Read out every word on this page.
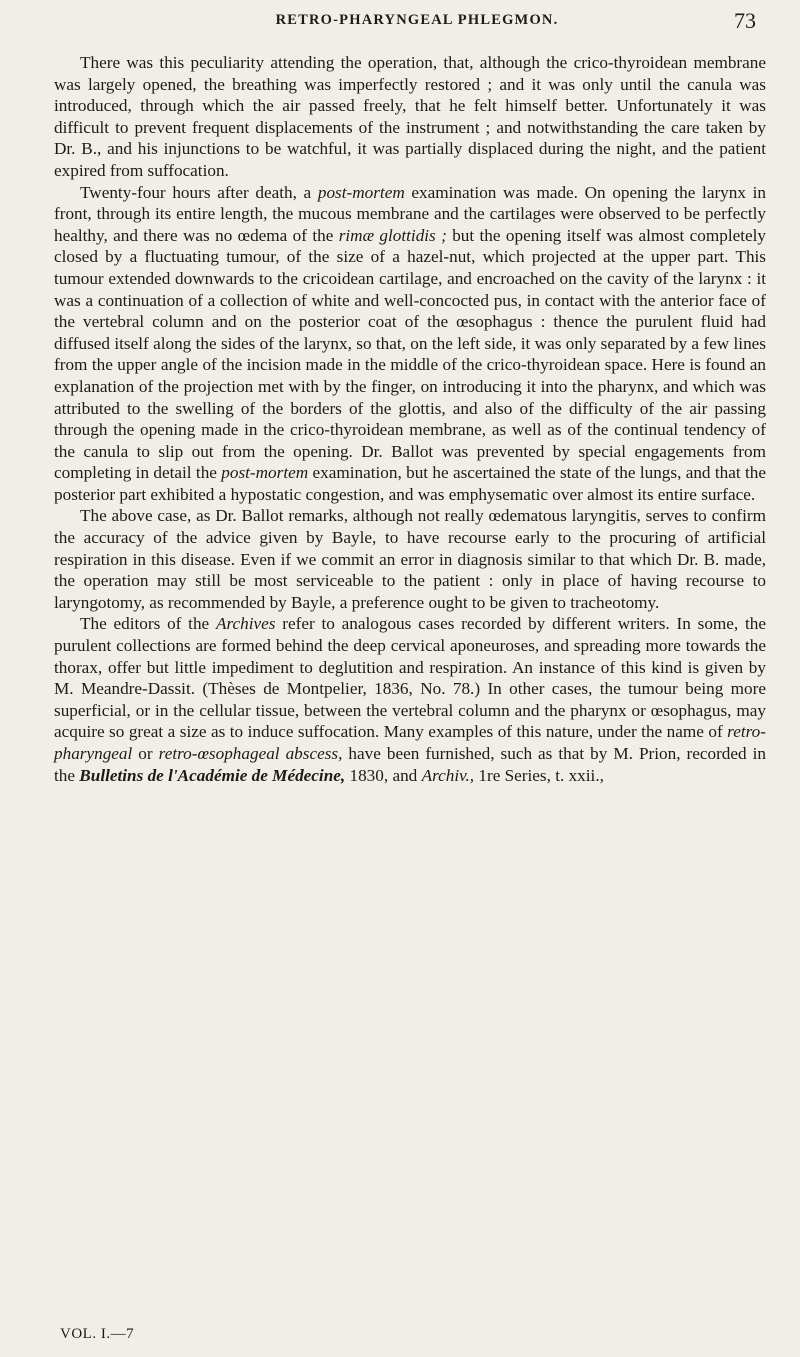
RETRO-PHARYNGEAL PHLEGMON.	73

There was this peculiarity attending the operation, that, although the crico-thyroidean membrane was largely opened, the breathing was imperfectly restored ; and it was only until the canula was introduced, through which the air passed freely, that he felt himself better. Unfortunately it was difficult to prevent frequent displacements of the instrument ; and notwithstanding the care taken by Dr. B., and his injunctions to be watchful, it was partially displaced during the night, and the patient expired from suffocation.

Twenty-four hours after death, a post-mortem examination was made. On opening the larynx in front, through its entire length, the mucous membrane and the cartilages were observed to be perfectly healthy, and there was no œdema of the rimæ glottidis ; but the opening itself was almost completely closed by a fluctuating tumour, of the size of a hazel-nut, which projected at the upper part. This tumour extended downwards to the cricoidean cartilage, and encroached on the cavity of the larynx : it was a continuation of a collection of white and well-concocted pus, in contact with the anterior face of the vertebral column and on the posterior coat of the œsophagus : thence the purulent fluid had diffused itself along the sides of the larynx, so that, on the left side, it was only separated by a few lines from the upper angle of the incision made in the middle of the crico-thyroidean space. Here is found an explanation of the projection met with by the finger, on introducing it into the pharynx, and which was attributed to the swelling of the borders of the glottis, and also of the difficulty of the air passing through the opening made in the crico-thyroidean membrane, as well as of the continual tendency of the canula to slip out from the opening. Dr. Ballot was prevented by special engagements from completing in detail the post-mortem examination, but he ascertained the state of the lungs, and that the posterior part exhibited a hypostatic congestion, and was emphysematic over almost its entire surface.

The above case, as Dr. Ballot remarks, although not really œdematous laryngitis, serves to confirm the accuracy of the advice given by Bayle, to have recourse early to the procuring of artificial respiration in this disease. Even if we commit an error in diagnosis similar to that which Dr. B. made, the operation may still be most serviceable to the patient : only in place of having recourse to laryngotomy, as recommended by Bayle, a preference ought to be given to tracheotomy.

The editors of the Archives refer to analogous cases recorded by different writers. In some, the purulent collections are formed behind the deep cervical aponeuroses, and spreading more towards the thorax, offer but little impediment to deglutition and respiration. An instance of this kind is given by M. Meandre-Dassit. (Thèses de Montpelier, 1836, No. 78.) In other cases, the tumour being more superficial, or in the cellular tissue, between the vertebral column and the pharynx or œsophagus, may acquire so great a size as to induce suffocation. Many examples of this nature, under the name of retro-pharyngeal or retro-œsophageal abscess, have been furnished, such as that by M. Prion, recorded in the Bulletins de l'Académie de Médecine, 1830, and Archiv., 1re Series, t. xxii.,

VOL. I.—7
